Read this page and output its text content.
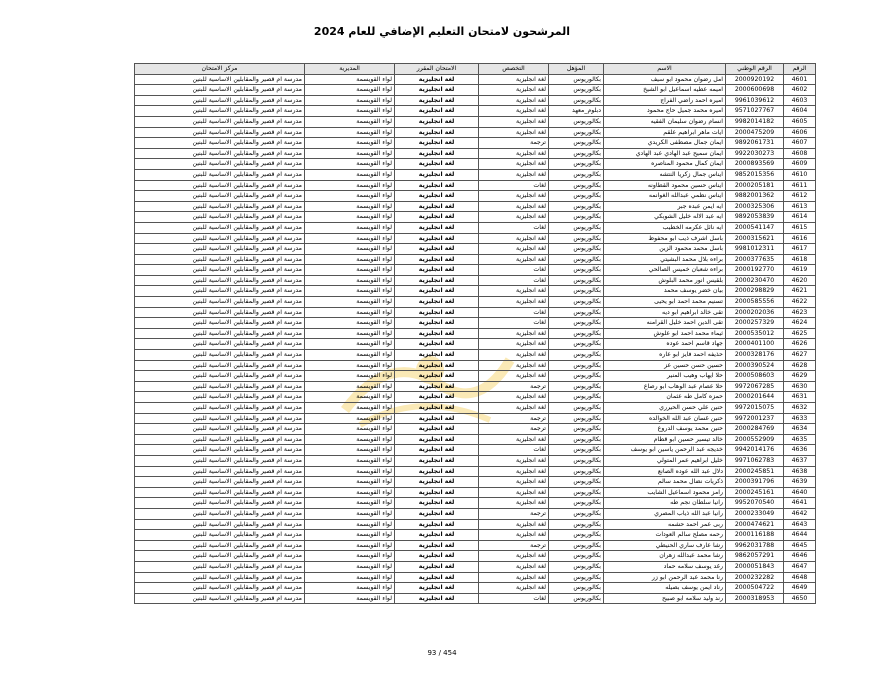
المرشحون لامتحان التعليم الإضافي للعام 2024
الرقم	الرقم الوطني	الاسم	المؤهل	التخصص	الامتحان المقرر	المديرية	مركز الامتحان
4601	2000920192	امل رضوان محمود ابو سيف	بكالوريوس	لغة انجليزية	لغة انجليزية	لواء القويسمة	مدرسة ام قصير والمقابلين الاساسية للبنين
4602	2000600698	اميمه عطيه اسماعيل ابو الشيخ	بكالوريوس	لغة انجليزية	لغة انجليزية	لواء القويسمة	مدرسة ام قصير والمقابلين الاساسية للبنين
4603	9961039612	اميره احمد راضي الفراج	بكالوريوس	لغة انجليزية	لغة انجليزية	لواء القويسمة	مدرسة ام قصير والمقابلين الاساسية للبنين
4604	9571027767	اميره محمد جميل حاج محمود	دبلوم_معهد	لغة انجليزية	لغة انجليزية	لواء القويسمة	مدرسة ام قصير والمقابلين الاساسية للبنين
4605	9982014182	انسام رضوان سليمان الفقيه	بكالوريوس	لغة انجليزية	لغة انجليزية	لواء القويسمة	مدرسة ام قصير والمقابلين الاساسية للبنين
4606	2000475209	ايات ماهر ابراهيم علقم	بكالوريوس	لغة انجليزية	لغة انجليزية	لواء القويسمة	مدرسة ام قصير والمقابلين الاساسية للبنين
4607	9892061731	ايمان جمال مصطفى الكريدي	بكالوريوس	ترجمة	لغة انجليزية	لواء القويسمة	مدرسة ام قصير والمقابلين الاساسية للبنين
4608	9922030273	ايمان سميح عبد الهادي عبد الهادي	بكالوريوس	لغة انجليزية	لغة انجليزية	لواء القويسمة	مدرسة ام قصير والمقابلين الاساسية للبنين
4609	2000893569	ايمان كمال محمود المناصره	بكالوريوس	لغة انجليزية	لغة انجليزية	لواء القويسمة	مدرسة ام قصير والمقابلين الاساسية للبنين
4610	9852015356	ايناس جمال زكريا النتشه	بكالوريوس	لغة انجليزية	لغة انجليزية	لواء القويسمة	مدرسة ام قصير والمقابلين الاساسية للبنين
4611	2000205181	ايناس حسين محمود القطاونه	بكالوريوس	لغات	لغة انجليزية	لواء القويسمة	مدرسة ام قصير والمقابلين الاساسية للبنين
4612	9882001362	ايناس نظمي عبدالله الغوانمه	بكالوريوس	لغة انجليزية	لغة انجليزية	لواء القويسمة	مدرسة ام قصير والمقابلين الاساسية للبنين
4613	2000325306	ايه ايمن عبده جبر	بكالوريوس	لغة انجليزية	لغة انجليزية	لواء القويسمة	مدرسة ام قصير والمقابلين الاساسية للبنين
4614	9892053839	ايه عبد الاله خليل الشوبكي	بكالوريوس	لغة انجليزية	لغة انجليزية	لواء القويسمة	مدرسة ام قصير والمقابلين الاساسية للبنين
4615	2000541147	ايه نائل عكرمه الخطيب	بكالوريوس	لغات	لغة انجليزية	لواء القويسمة	مدرسة ام قصير والمقابلين الاساسية للبنين
4616	2000315621	باسل اشرف ذيب ابو محفوظ	بكالوريوس	لغة انجليزية	لغة انجليزية	لواء القويسمة	مدرسة ام قصير والمقابلين الاساسية للبنين
4617	9981012311	باسل محمد محمود الزين	بكالوريوس	لغة انجليزية	لغة انجليزية	لواء القويسمة	مدرسة ام قصير والمقابلين الاساسية للبنين
4618	2000377635	براءه بلال محمد البشيتي	بكالوريوس	لغة انجليزية	لغة انجليزية	لواء القويسمة	مدرسة ام قصير والمقابلين الاساسية للبنين
4619	2000192770	براءه شعبان خميس الصالحي	بكالوريوس	لغات	لغة انجليزية	لواء القويسمة	مدرسة ام قصير والمقابلين الاساسية للبنين
4620	2000230470	بلقيس انور محمد البلوش	بكالوريوس	لغات	لغة انجليزية	لواء القويسمة	مدرسة ام قصير والمقابلين الاساسية للبنين
4621	2000298829	بيان خضر يوسف محمد	بكالوريوس	لغة انجليزية	لغة انجليزية	لواء القويسمة	مدرسة ام قصير والمقابلين الاساسية للبنين
4622	2000585556	تسنيم محمد احمد ابو يحيى	بكالوريوس	لغة انجليزية	لغة انجليزية	لواء القويسمة	مدرسة ام قصير والمقابلين الاساسية للبنين
4623	2000202036	تقى خالد ابراهيم ابو ديه	بكالوريوس	لغات	لغة انجليزية	لواء القويسمة	مدرسة ام قصير والمقابلين الاساسية للبنين
4624	2000257329	تقى الدين احمد خليل القرامنه	بكالوريوس	لغات	لغة انجليزية	لواء القويسمة	مدرسة ام قصير والمقابلين الاساسية للبنين
4625	2000535012	ثيماء محمد احمد ابو علوش	بكالوريوس	لغة انجليزية	لغة انجليزية	لواء القويسمة	مدرسة ام قصير والمقابلين الاساسية للبنين
4626	2000401100	جهاد قاسم احمد عوده	بكالوريوس	لغة انجليزية	لغة انجليزية	لواء القويسمة	مدرسة ام قصير والمقابلين الاساسية للبنين
4627	2000328176	حذيفه احمد فايز ابو عاره	بكالوريوس	لغة انجليزية	لغة انجليزية	لواء القويسمة	مدرسة ام قصير والمقابلين الاساسية للبنين
4628	2000390524	حسين حسن حسين عز	بكالوريوس	لغة انجليزية	لغة انجليزية	لواء القويسمة	مدرسة ام قصير والمقابلين الاساسية للبنين
4629	2000508603	حلا ايهاب وهيب المنير	بكالوريوس	لغة انجليزية	لغة انجليزية	لواء القويسمة	مدرسة ام قصير والمقابلين الاساسية للبنين
4630	9972067285	حلا عصام عبد الوهاب ابو رصاع	بكالوريوس	ترجمة	لغة انجليزية	لواء القويسمة	مدرسة ام قصير والمقابلين الاساسية للبنين
4631	2000201644	حمزه كامل طه عثمان	بكالوريوس	لغة انجليزية	لغة انجليزية	لواء القويسمة	مدرسة ام قصير والمقابلين الاساسية للبنين
4632	9972015075	حنين علي حسن الحيرري	بكالوريوس	لغة انجليزية	لغة انجليزية	لواء القويسمة	مدرسة ام قصير والمقابلين الاساسية للبنين
4633	9972001237	حنين غسان عبد الله الخوالده	بكالوريوس	ترجمة	لغة انجليزية	لواء القويسمة	مدرسة ام قصير والمقابلين الاساسية للبنين
4634	2000284769	حنين محمد يوسف الدروع	بكالوريوس	ترجمة	لغة انجليزية	لواء القويسمة	مدرسة ام قصير والمقابلين الاساسية للبنين
4635	2000552909	خالد تيسير حسين ابو قطام	بكالوريوس	لغة انجليزية	لغة انجليزية	لواء القويسمة	مدرسة ام قصير والمقابلين الاساسية للبنين
4636	9942014176	خديجه عبد الرحمن ياسين ابو يوسف	بكالوريوس	لغات	لغة انجليزية	لواء القويسمة	مدرسة ام قصير والمقابلين الاساسية للبنين
4637	9971062783	خليل ابراهيم عمر المتولي	بكالوريوس	لغة انجليزية	لغة انجليزية	لواء القويسمة	مدرسة ام قصير والمقابلين الاساسية للبنين
4638	2000245851	دلال عبد الله عوده الصانع	بكالوريوس	لغة انجليزية	لغة انجليزية	لواء القويسمة	مدرسة ام قصير والمقابلين الاساسية للبنين
4639	2000391796	ذكريات نضال محمد سالم	بكالوريوس	لغة انجليزية	لغة انجليزية	لواء القويسمة	مدرسة ام قصير والمقابلين الاساسية للبنين
4640	2000245161	رامز محمود اسماعيل الشايب	بكالوريوس	لغة انجليزية	لغة انجليزية	لواء القويسمة	مدرسة ام قصير والمقابلين الاساسية للبنين
4641	9952070540	رانيا سلطان نجم طه	بكالوريوس	لغة انجليزية	لغة انجليزية	لواء القويسمة	مدرسة ام قصير والمقابلين الاساسية للبنين
4642	2000233049	رانيا عبد الله ذياب المصري	بكالوريوس	ترجمة	لغة انجليزية	لواء القويسمة	مدرسة ام قصير والمقابلين الاساسية للبنين
4643	2000474621	ربى عمر احمد حشمه	بكالوريوس	لغة انجليزية	لغة انجليزية	لواء القويسمة	مدرسة ام قصير والمقابلين الاساسية للبنين
4644	2000116188	رحمه مصلح سالم العودات	بكالوريوس	لغة انجليزية	لغة انجليزية	لواء القويسمة	مدرسة ام قصير والمقابلين الاساسية للبنين
4645	9962031788	رشا عارف ساري الحنيطي	بكالوريوس	ترجمة	لغة انجليزية	لواء القويسمة	مدرسة ام قصير والمقابلين الاساسية للبنين
4646	9862057291	رشا محمد عبدالله زهران	بكالوريوس	لغة انجليزية	لغة انجليزية	لواء القويسمة	مدرسة ام قصير والمقابلين الاساسية للبنين
4647	2000051843	رغد يوسف سلامه حماد	بكالوريوس	لغة انجليزية	لغة انجليزية	لواء القويسمة	مدرسة ام قصير والمقابلين الاساسية للبنين
4648	2000232282	رنا محمد عبد الرحمن ابو زر	بكالوريوس	لغة انجليزية	لغة انجليزية	لواء القويسمة	مدرسة ام قصير والمقابلين الاساسية للبنين
4649	2000504722	رناد ايمن يوسف بصيله	بكالوريوس	لغة انجليزية	لغة انجليزية	لواء القويسمة	مدرسة ام قصير والمقابلين الاساسية للبنين
4650	2000318953	رند وليد سلامه ابو صبيح	بكالوريوس	لغات	لغة انجليزية	لواء القويسمة	مدرسة ام قصير والمقابلين الاساسية للبنين
93 / 454
